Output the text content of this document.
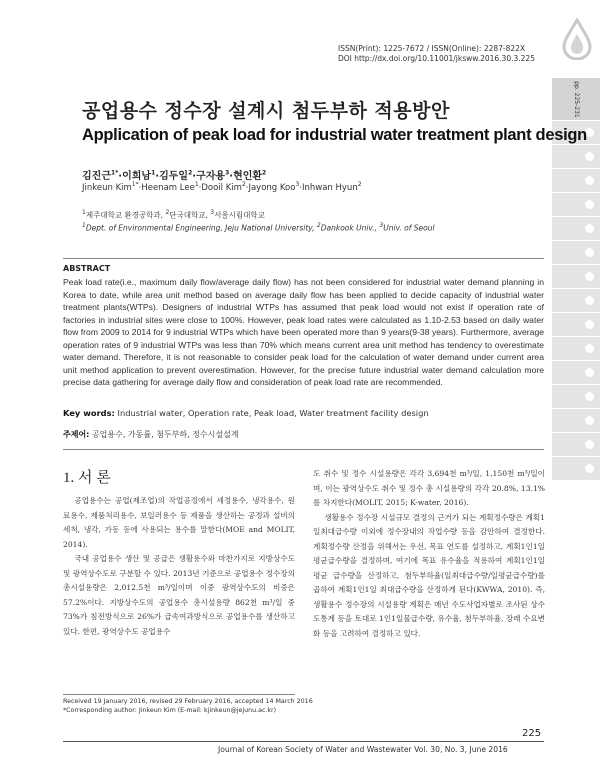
ISSN(Print): 1225-7672 / ISSN(Online): 2287-822X
DOI http://dx.doi.org/10.11001/jksww.2016.30.3.225
pp. 225-231
공업용수 정수장 설계시 첨두부하 적용방안
Application of peak load for industrial water treatment plant design
김진근$^{1*}$·이희남$^1$·김두일$^2$·구자용$^3$·현인환$^2$
Jinkeun Kim$^{1*}$·Heenam Lee$^1$·Dooil Kim$^2$·Jayong Koo$^3$·Inhwan Hyun$^2$
$^1$제주대학교 환경공학과, $^2$단국대학교, $^3$서울시립대학교
$^1$Dept. of Environmental Engineering, Jeju National University, $^2$Dankook Univ., $^3$Univ. of Seoul
ABSTRACT
Peak load rate(i.e., maximum daily flow/average daily flow) has not been considered for industrial water demand planning in Korea to date, while area unit method based on average daily flow has been applied to decide capacity of industrial water treatment plants(WTPs). Designers of industrial WTPs has assumed that peak load would not exist if operation rate of factories in industrial sites were close to 100%. However, peak load rates were calculated as 1.10-2.53 based on daily water flow from 2009 to 2014 for 9 industrial WTPs which have been operated more than 9 years(9-38 years). Furthermore, average operation rates of 9 industrial WTPs was less than 70% which means current area unit method has tendency to overestimate water demand. Therefore, it is not reasonable to consider peak load for the calculation of water demand under current area unit method application to prevent overestimation. However, for the precise future industrial water demand calculation more precise data gathering for average daily flow and consideration of peak load rate are recommended.
Key words: Industrial water, Operation rate, Peak load, Water treatment facility design
주제어: 공업용수, 가동률, 첨두부하, 정수시설설계
1. 서 론

공업용수는 공업(제조업)의 작업공정에서 세정용수, 냉각용수, 원료용수, 제품처리용수, 보일러용수 등 제품을 생산하는 공정과 설비의 세척, 냉각, 가동 등에 사용되는 용수를 말한다(MOE and MOLIT, 2014).

국내 공업용수 생산 및 공급은 생활용수와 마찬가지로 지방상수도 및 광역상수도로 구분할 수 있다. 2013년 기준으로 공업용수 정수장의 총시설용량은 2,012.5천 m³/일이며 이중 광역상수도의 비중은 57.2%이다. 지방상수도의 공업용수 총시설용량 862천 m³/일 중 73%가 침전방식으로 26%가 급속여과방식으로 공업용수를 생산하고 있다. 한편, 광역상수도 공업용수

도 취수 및 정수 시설용량은 각각 3,694천 m³/일, 1,150천 m³/일이며, 이는 광역상수도 취수 및 정수 총 시설용량의 각각 20.8%, 13.1%를 차지한다(MOLIT, 2015; K-water, 2016).

생활용수 정수장 시설규모 결정의 근거가 되는 계획정수량은 계획1일최대급수량 이외에 정수장내의 작업수량 등을 감안하여 결정한다. 계획정수량 산정을 위해서는 우선, 목표 연도를 설정하고, 계획1인1일평균급수량을 결정하며, 여기에 목표 유수율을 적용하여 계획1인1일 평균 급수량을 산정하고, 첨두부하율(일최대급수량/일평균급수량)를 곱하여 계획1인1일 최대급수량을 산정하게 된다(KWWA, 2010). 즉, 생활용수 정수장의 시설용량 계획은 매년 수도사업자별로 조사된 상수도통계 등을 토대로 1인1일물급수량, 유수율, 첨두부하율, 장래 수요변화 등을 고려하여 결정하고 있다.

Received 19 January 2016, revised 29 February 2016, accepted 14 March 2016
*Corresponding author: Jinkeun Kim (E-mail: kjinkeun@jejunu.ac.kr)
225
Journal of Korean Society of Water and Wastewater Vol. 30, No. 3, June 2016
